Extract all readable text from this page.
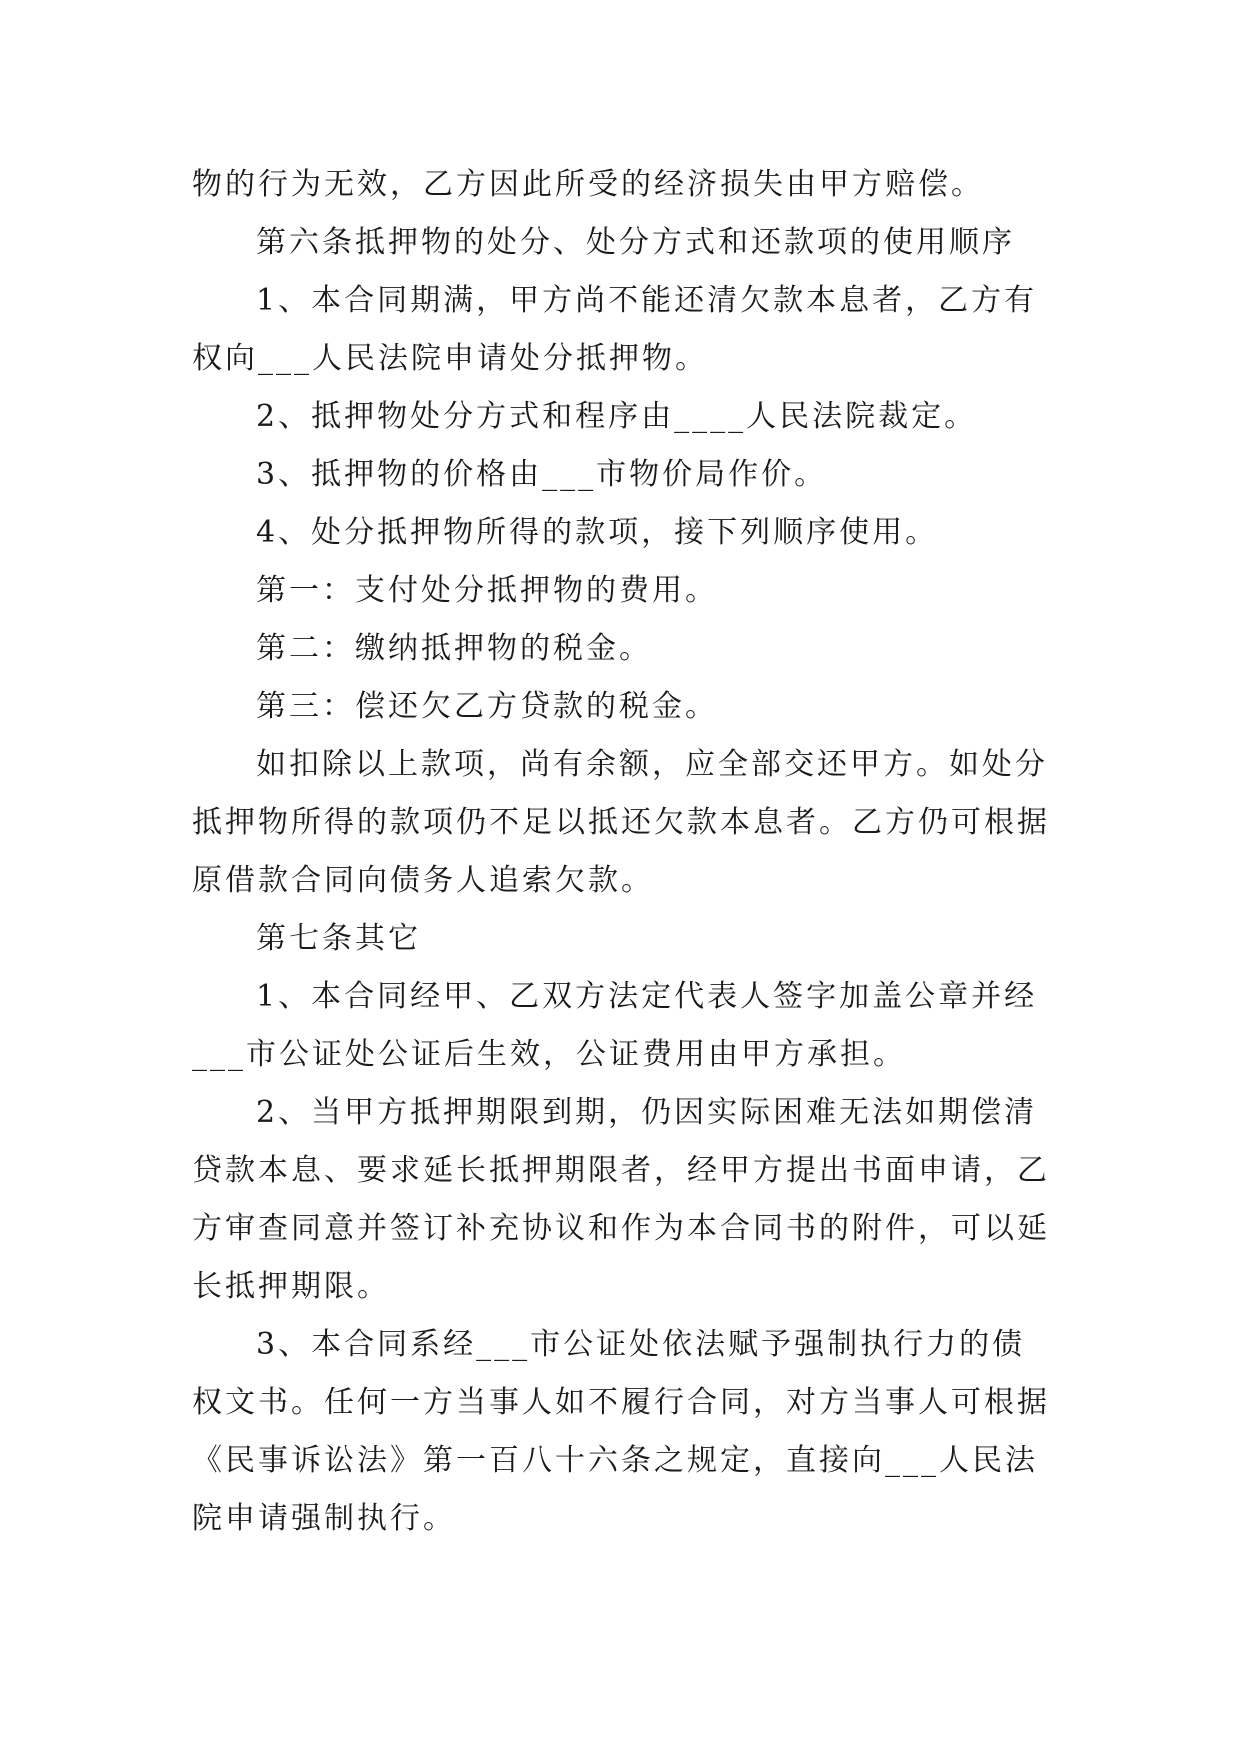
物的行为无效，乙方因此所受的经济损失由甲方赔偿。

第六条抵押物的处分、处分方式和还款项的使用顺序

1、本合同期满，甲方尚不能还清欠款本息者，乙方有权向___人民法院申请处分抵押物。

2、抵押物处分方式和程序由____人民法院裁定。

3、抵押物的价格由___市物价局作价。

4、处分抵押物所得的款项，接下列顺序使用。

第一：支付处分抵押物的费用。

第二：缴纳抵押物的税金。

第三：偿还欠乙方贷款的税金。

如扣除以上款项，尚有余额，应全部交还甲方。如处分抵押物所得的款项仍不足以抵还欠款本息者。乙方仍可根据原借款合同向债务人追索欠款。

第七条其它

1、本合同经甲、乙双方法定代表人签字加盖公章并经___市公证处公证后生效，公证费用由甲方承担。

2、当甲方抵押期限到期，仍因实际困难无法如期偿清贷款本息、要求延长抵押期限者，经甲方提出书面申请，乙方审查同意并签订补充协议和作为本合同书的附件，可以延长抵押期限。

3、本合同系经___市公证处依法赋予强制执行力的债权文书。任何一方当事人如不履行合同，对方当事人可根据《民事诉讼法》第一百八十六条之规定，直接向___人民法院申请强制执行。
